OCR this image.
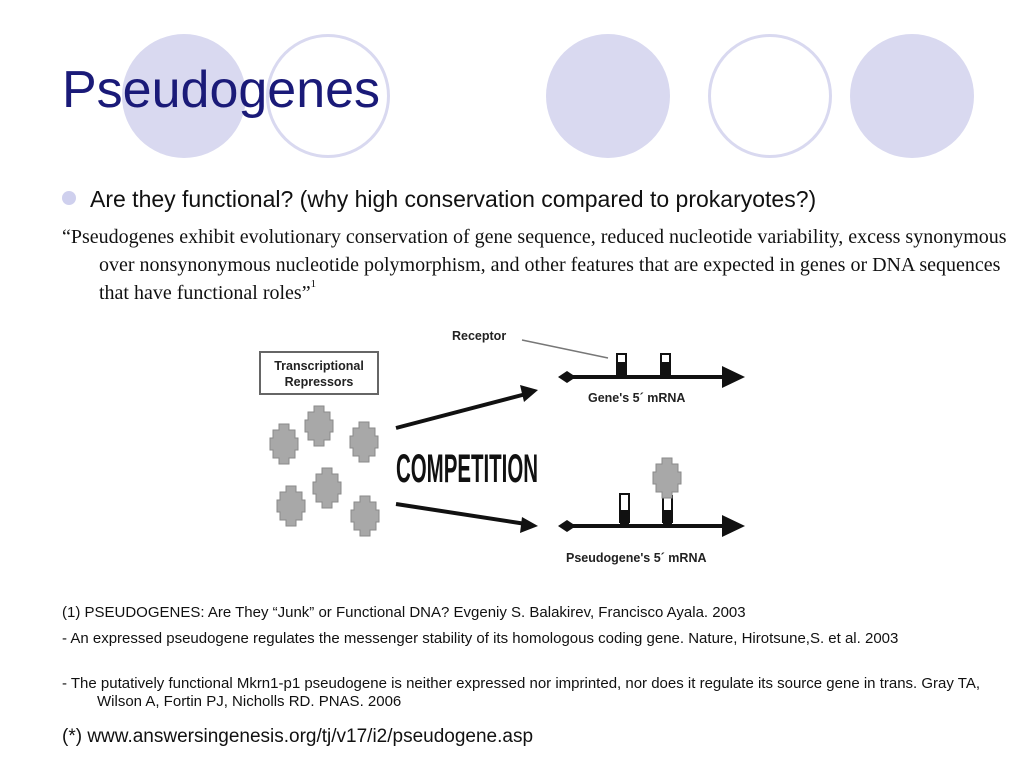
Pseudogenes
Are they functional? (why high conservation compared to prokaryotes?)

“Pseudogenes exhibit evolutionary conservation of gene sequence, reduced nucleotide variability, excess synonymous over nonsynonymous nucleotide polymorphism, and other features that are expected in genes or DNA sequences that have functional roles”$^1$

Transcriptional
Repressors
COMPETITION
Receptor
Gene's 5´ mRNA
Pseudogene's 5´ mRNA
(1) PSEUDOGENES: Are They “Junk” or Functional DNA? Evgeniy S. Balakirev, Francisco Ayala. 2003
- An expressed pseudogene regulates the messenger stability of its homologous coding gene. Nature, Hirotsune,S. et al. 2003
- The putatively functional Mkrn1-p1 pseudogene is neither expressed nor imprinted, nor does it regulate its source gene in trans. Gray TA, Wilson A, Fortin PJ, Nicholls RD. PNAS. 2006
(*) www.answersingenesis.org/tj/v17/i2/pseudogene.asp
